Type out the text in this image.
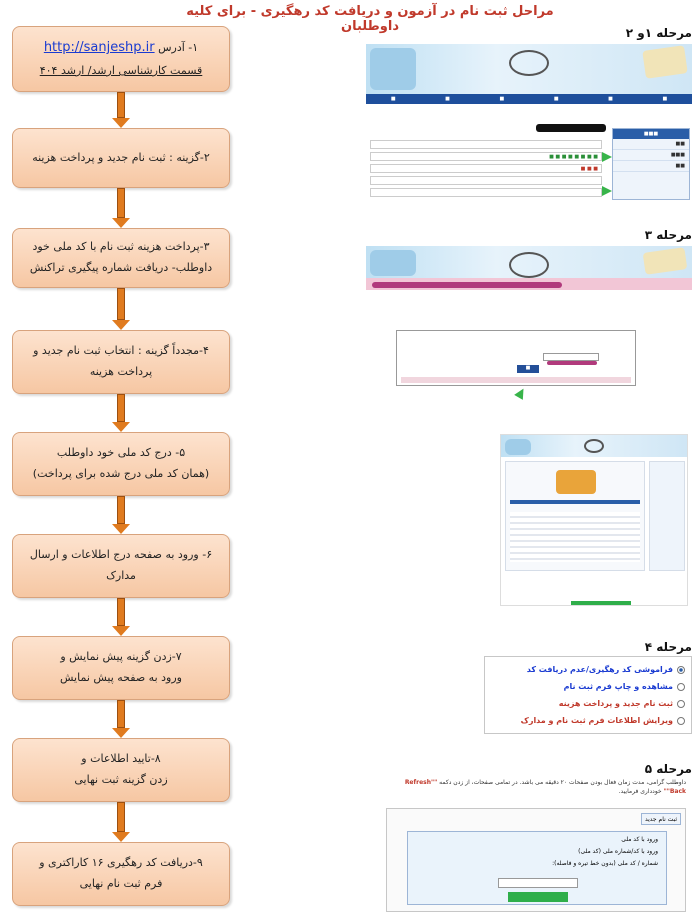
مراحل ثبت نام در آزمون و دریافت کد رهگیری - برای کلیه داوطلبان
۱- آدرس http://sanjeshp.ir
قسمت کارشناسی ارشد/ ارشد ۴۰۴
۲-گزینه : ثبت نام جدید و پرداخت هزینه
۳-پرداخت هزینه ثبت نام با کد ملی خود
داوطلب- دریافت شماره پیگیری تراکنش
۴-مجدداً گزینه : انتخاب ثبت نام جدید و
پرداخت هزینه
۵- درج کد ملی خود داوطلب
(همان کد ملی درج شده برای پرداخت)
۶- ورود به صفحه درج اطلاعات و ارسال
مدارک
۷-زدن گزینه پیش نمایش و
ورود به صفحه پیش نمایش
۸-تایید اطلاعات و
زدن گزینه ثبت نهایی
۹-دریافت کد رهگیری ۱۶ کاراکتری و
فرم ثبت نام نهایی
مرحله ۱و ۲
مرحله ۳
مرحله ۴
مرحله ۵
■
■
■
■
■
■
■ ■ ■ ■ ■ ■ ■ ■
■ ■ ■
■■■
■■
■■■
■■
■
فراموشی کد رهگیری/عدم دریافت کد
مشاهده و چاپ فرم ثبت نام
ثبت نام جدید و پرداخت هزینه
ویرایش اطلاعات فرم ثبت نام و مدارک
داوطلب گرامی، مدت زمان فعال بودن صفحات ۲۰ دقیقه می باشد. در تمامی صفحات، از زدن دکمه "Refresh" "Back" خودداری فرمایید.
ثبت نام جدید
ورود با کد ملی
ورود با کد/شماره ملی (کد ملی)
شماره / کد ملی (بدون خط تیره و فاصله):
